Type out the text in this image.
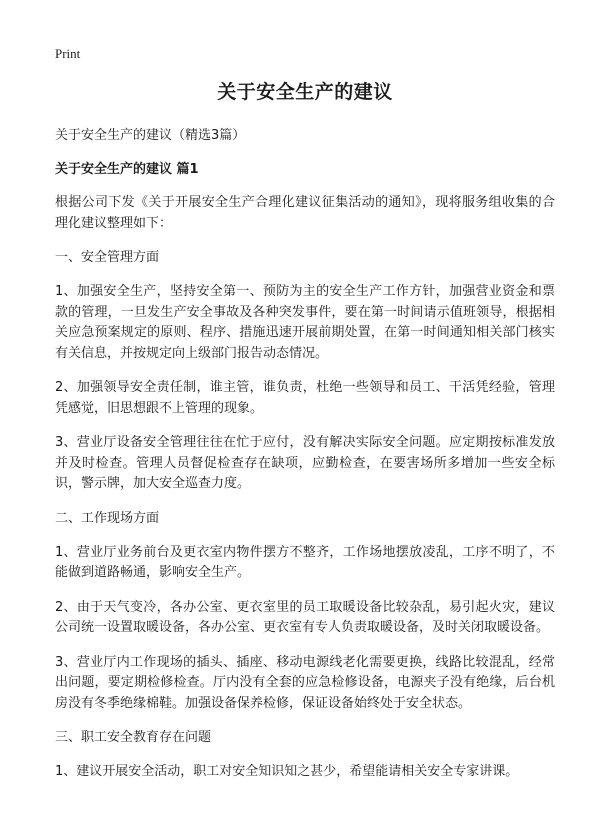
Print
关于安全生产的建议
关于安全生产的建议（精选3篇）
关于安全生产的建议 篇1
根据公司下发《关于开展安全生产合理化建议征集活动的通知》，现将服务组收集的合理化建议整理如下：
一、安全管理方面
1、加强安全生产，坚持安全第一、预防为主的安全生产工作方针，加强营业资金和票款的管理，一旦发生产安全事故及各种突发事件，要在第一时间请示值班领导，根据相关应急预案规定的原则、程序、措施迅速开展前期处置，在第一时间通知相关部门核实有关信息，并按规定向上级部门报告动态情况。
2、加强领导安全责任制，谁主管，谁负责，杜绝一些领导和员工、干活凭经验，管理凭感觉，旧思想跟不上管理的现象。
3、营业厅设备安全管理往往在忙于应付，没有解决实际安全问题。应定期按标准发放并及时检查。管理人员督促检查存在缺项，应勤检查，在要害场所多增加一些安全标识，警示牌，加大安全巡查力度。
二、工作现场方面
1、营业厅业务前台及更衣室内物件摆方不整齐，工作场地摆放凌乱，工序不明了，不能做到道路畅通，影响安全生产。
2、由于天气变冷，各办公室、更衣室里的员工取暖设备比较杂乱，易引起火灾，建议公司统一设置取暖设备，各办公室、更衣室有专人负责取暖设备，及时关闭取暖设备。
3、营业厅内工作现场的插头、插座、移动电源线老化需要更换，线路比较混乱，经常出问题，要定期检修检查。厅内没有全套的应急检修设备，电源夹子没有绝缘，后台机房没有冬季绝缘棉鞋。加强设备保养检修，保证设备始终处于安全状态。
三、职工安全教育存在问题
1、建议开展安全活动，职工对安全知识知之甚少，希望能请相关安全专家讲课。
